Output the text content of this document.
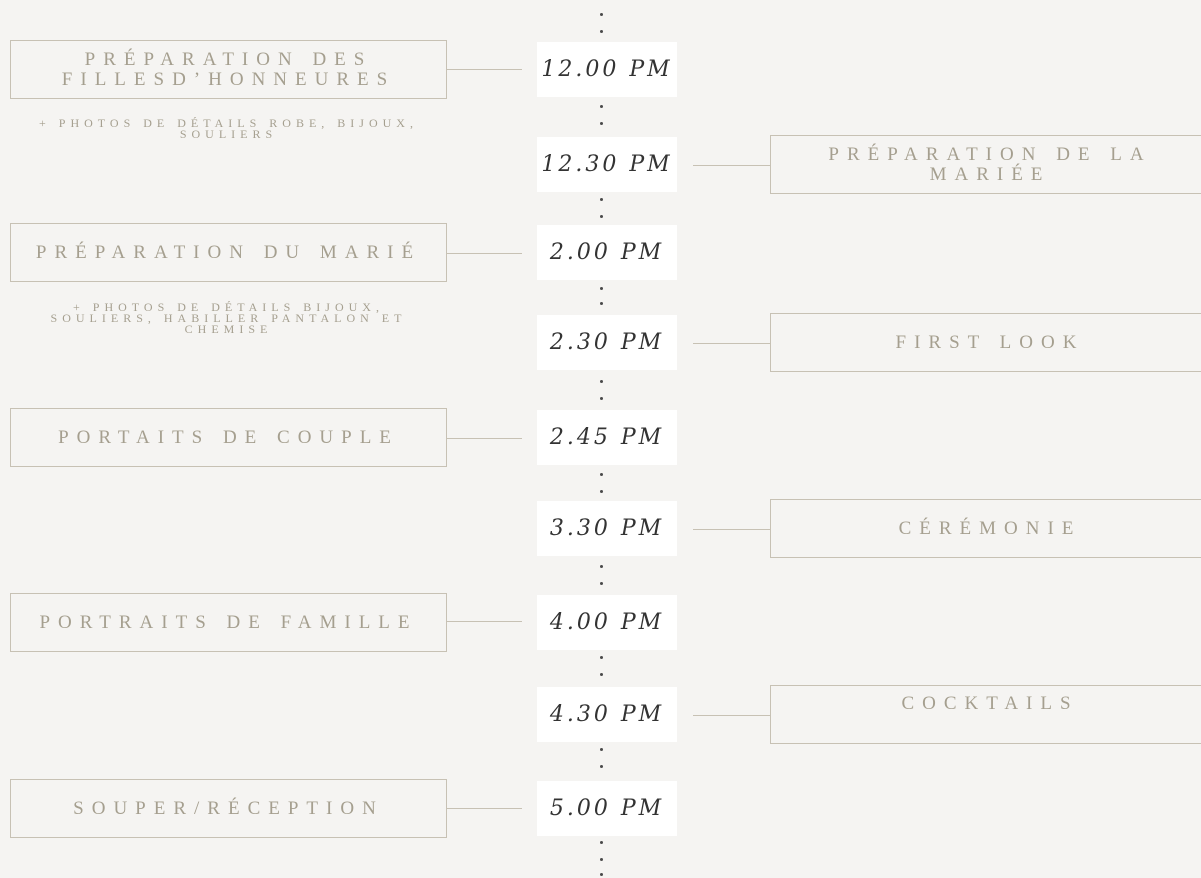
12.00 PM
12.30 PM
2.00 PM
2.30 PM
2.45 PM
3.30 PM
4.00 PM
4.30 PM
5.00 PM
PRÉPARATION DES FILLESD’HONNEURES
+ PHOTOS DE DÉTAILS ROBE, BIJOUX, SOULIERS
PRÉPARATION DU MARIÉ
+ PHOTOS DE DÉTAILS BIJOUX, SOULIERS, HABILLER PANTALON ET CHEMISE
PORTAITS DE COUPLE
PORTRAITS DE FAMILLE
SOUPER/RÉCEPTION
PRÉPARATION DE LA MARIÉE
FIRST LOOK
CÉRÉMONIE
COCKTAILS
